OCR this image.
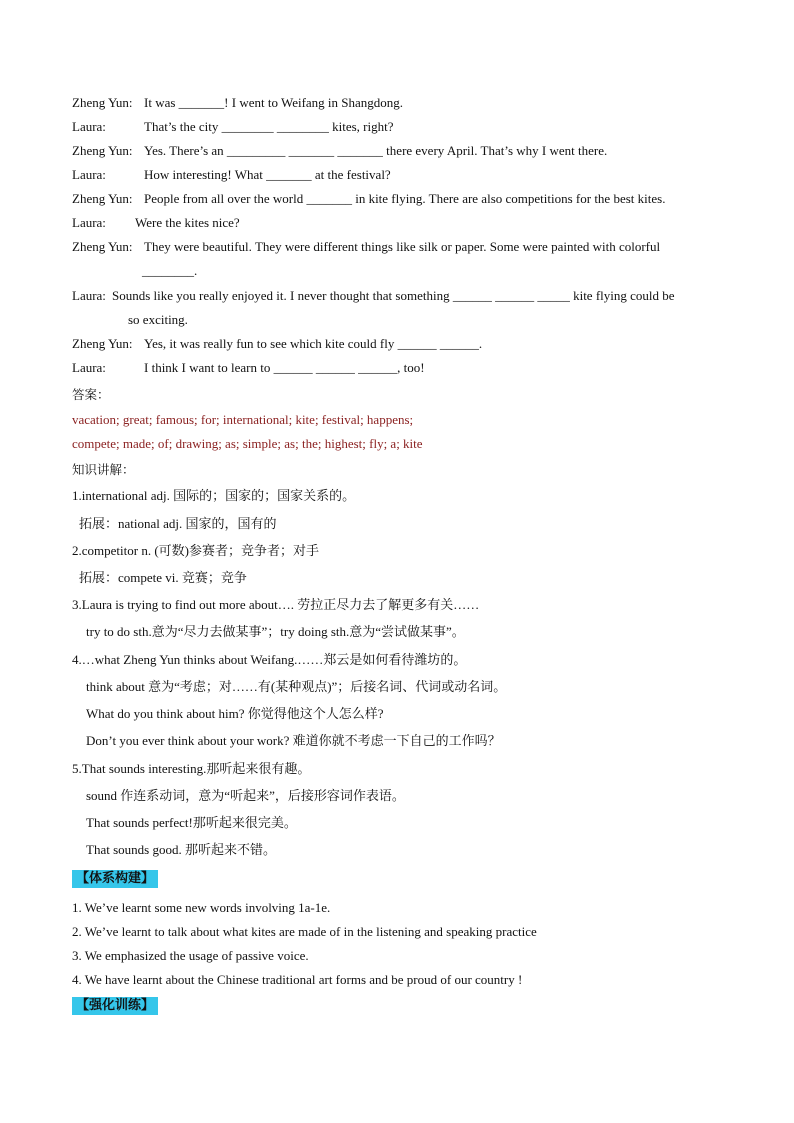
Zheng Yun: It was _______! I went to Weifang in Shangdong.
Laura:	That’s the city ________ ________ kites, right?
Zheng Yun: Yes. There’s an _________ _______ _______ there every April. That’s why I went there.
Laura:	How interesting! What _______ at the festival?
Zheng Yun: People from all over the world _______ in kite flying. There are also competitions for the best kites.
Laura: Were the kites nice?
Zheng Yun: They were beautiful. They were different things like silk or paper. Some were painted with colorful
________.
Laura: Sounds like you really enjoyed it. I never thought that something ______ ______ _____ kite flying could be
so exciting.
Zheng Yun: Yes, it was really fun to see which kite could fly ______ ______.
Laura:	I think I want to learn to ______ ______ ______, too!
答案：
vacation; great; famous; for; international; kite; festival; happens;
compete; made; of; drawing; as; simple; as; the; highest; fly; a; kite
知识讲解：
1.international adj. 国际的；国家的；国家关系的。
拓展：national adj. 国家的，国有的
2.competitor n. (可数)参赛者；竞争者；对手
拓展：compete vi. 竞赛；竞争
3.Laura is trying to find out more about…. 劳拉正尽力去了解更多有关……
try to do sth.意为“尽力去做某事”；try doing sth.意为“尝试做某事”。
4.…what Zheng Yun thinks about Weifang.……郑云是如何看待潍坊的。
think about 意为“考虑；对……有(某种观点)”；后接名词、代词或动名词。
What do you think about him? 你觉得他这个人怎么样?
Don’t you ever think about your work? 难道你就不考虑一下自己的工作吗？
5.That sounds interesting.那听起来很有趣。
sound 作连系动词，意为“听起来”，后接形容词作表语。
That sounds perfect!那听起来很完美。
That sounds good. 那听起来不错。
【体系构建】
1. We’ve learnt some new words involving 1a-1e.
2. We’ve learnt to talk about what kites are made of in the listening and speaking practice
3. We emphasized the usage of passive voice.
4. We have learnt about the Chinese traditional art forms and be proud of our country !
【强化训练】
